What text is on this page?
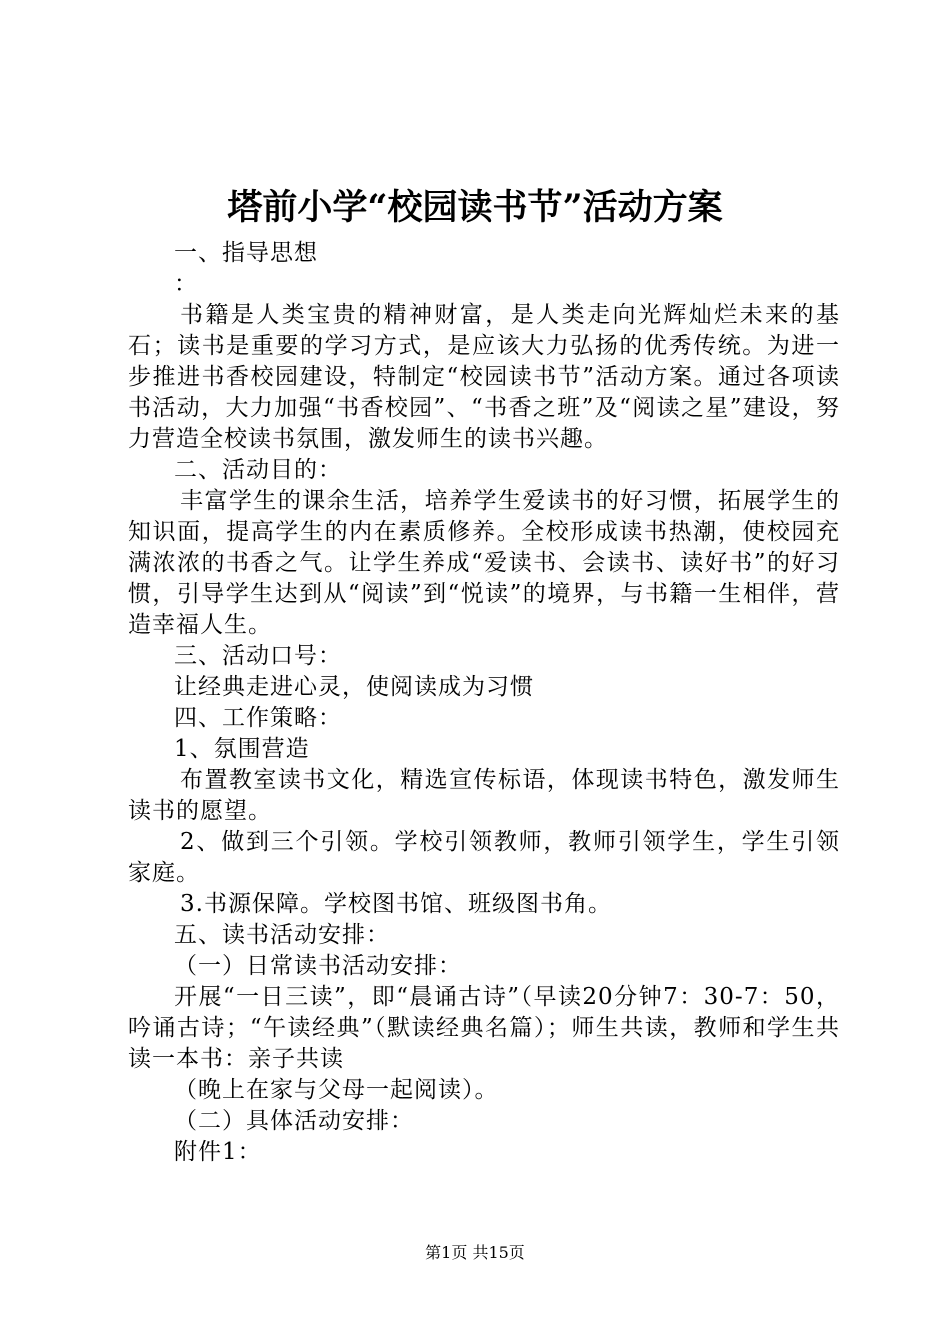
塔前小学“校园读书节”活动方案

一、指导思想

：

书籍是人类宝贵的精神财富，是人类走向光辉灿烂未来的基石；读书是重要的学习方式，是应该大力弘扬的优秀传统。为进一步推进书香校园建设，特制定“校园读书节”活动方案。通过各项读书活动，大力加强“书香校园”、“书香之班”及“阅读之星”建设，努力营造全校读书氛围，激发师生的读书兴趣。

二、活动目的：

丰富学生的课余生活，培养学生爱读书的好习惯，拓展学生的知识面，提高学生的内在素质修养。全校形成读书热潮，使校园充满浓浓的书香之气。让学生养成“爱读书、会读书、读好书”的好习惯，引导学生达到从“阅读”到“悦读”的境界，与书籍一生相伴，营造幸福人生。

三、活动口号：

让经典走进心灵，使阅读成为习惯

四、工作策略：

1、氛围营造

布置教室读书文化，精选宣传标语，体现读书特色，激发师生读书的愿望。

2、做到三个引领。学校引领教师，教师引领学生，学生引领家庭。

3.书源保障。学校图书馆、班级图书角。

五、读书活动安排：

（一）日常读书活动安排：

开展“一日三读”，即“晨诵古诗”（早读20分钟7：30-7：50，吟诵古诗；“午读经典”（默读经典名篇）；师生共读，教师和学生共读一本书：亲子共读

（晚上在家与父母一起阅读）。

（二）具体活动安排：

附件1：

第1页 共15页
